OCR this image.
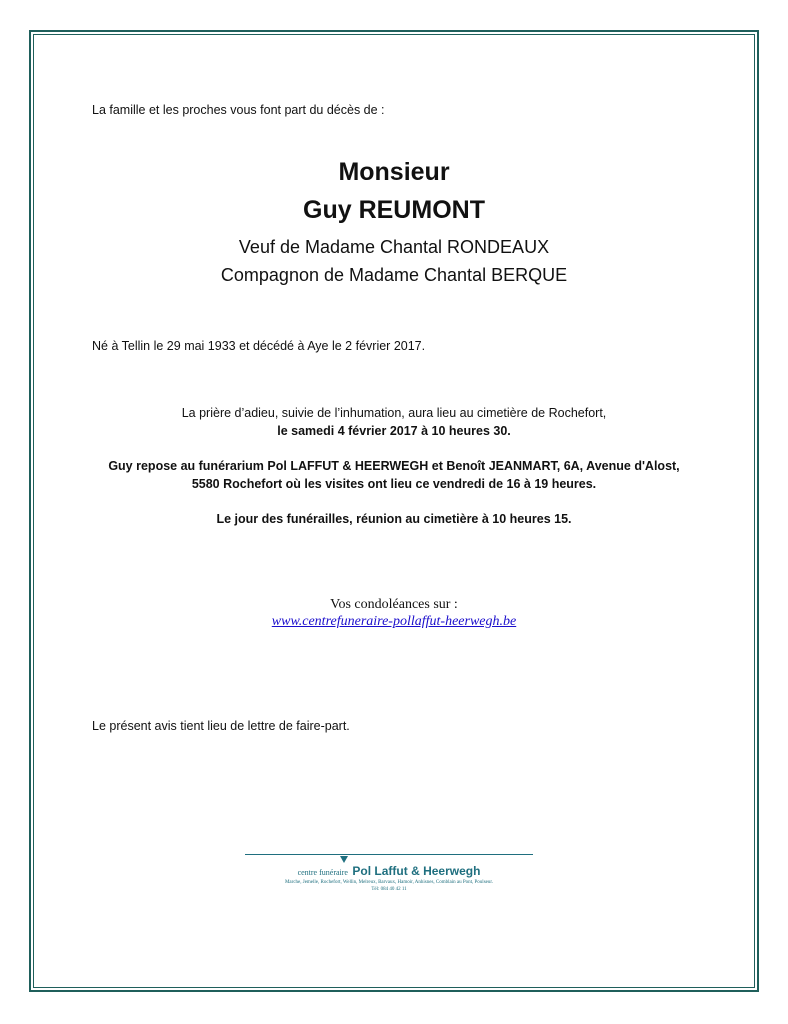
La famille et les proches vous font part du décès de :
Monsieur
Guy REUMONT
Veuf de Madame Chantal RONDEAUX
Compagnon de Madame Chantal BERQUE
Né à Tellin le 29 mai 1933 et décédé à Aye le 2 février 2017.
La prière d’adieu, suivie de l’inhumation, aura lieu au cimetière de Rochefort,
le samedi 4 février 2017 à 10 heures 30.
Guy repose au funérarium Pol LAFFUT & HEERWEGH et Benoît JEANMART, 6A, Avenue d'Alost,
5580 Rochefort où les visites ont lieu ce vendredi de 16 à 19 heures.
Le jour des funérailles, réunion au cimetière à 10 heures 15.
Vos condoléances sur :
www.centrefuneraire-pollaffut-heerwegh.be
Le présent avis tient lieu de lettre de faire-part.
centre funéraire Pol Laffut & Heerwegh
Marche, Jemelle, Rochefort, Wellin, Melreux, Barvaux, Hamoir, Anhisnes, Comblain au Pont, Poulseur.
Tél: 084 40 42 11
